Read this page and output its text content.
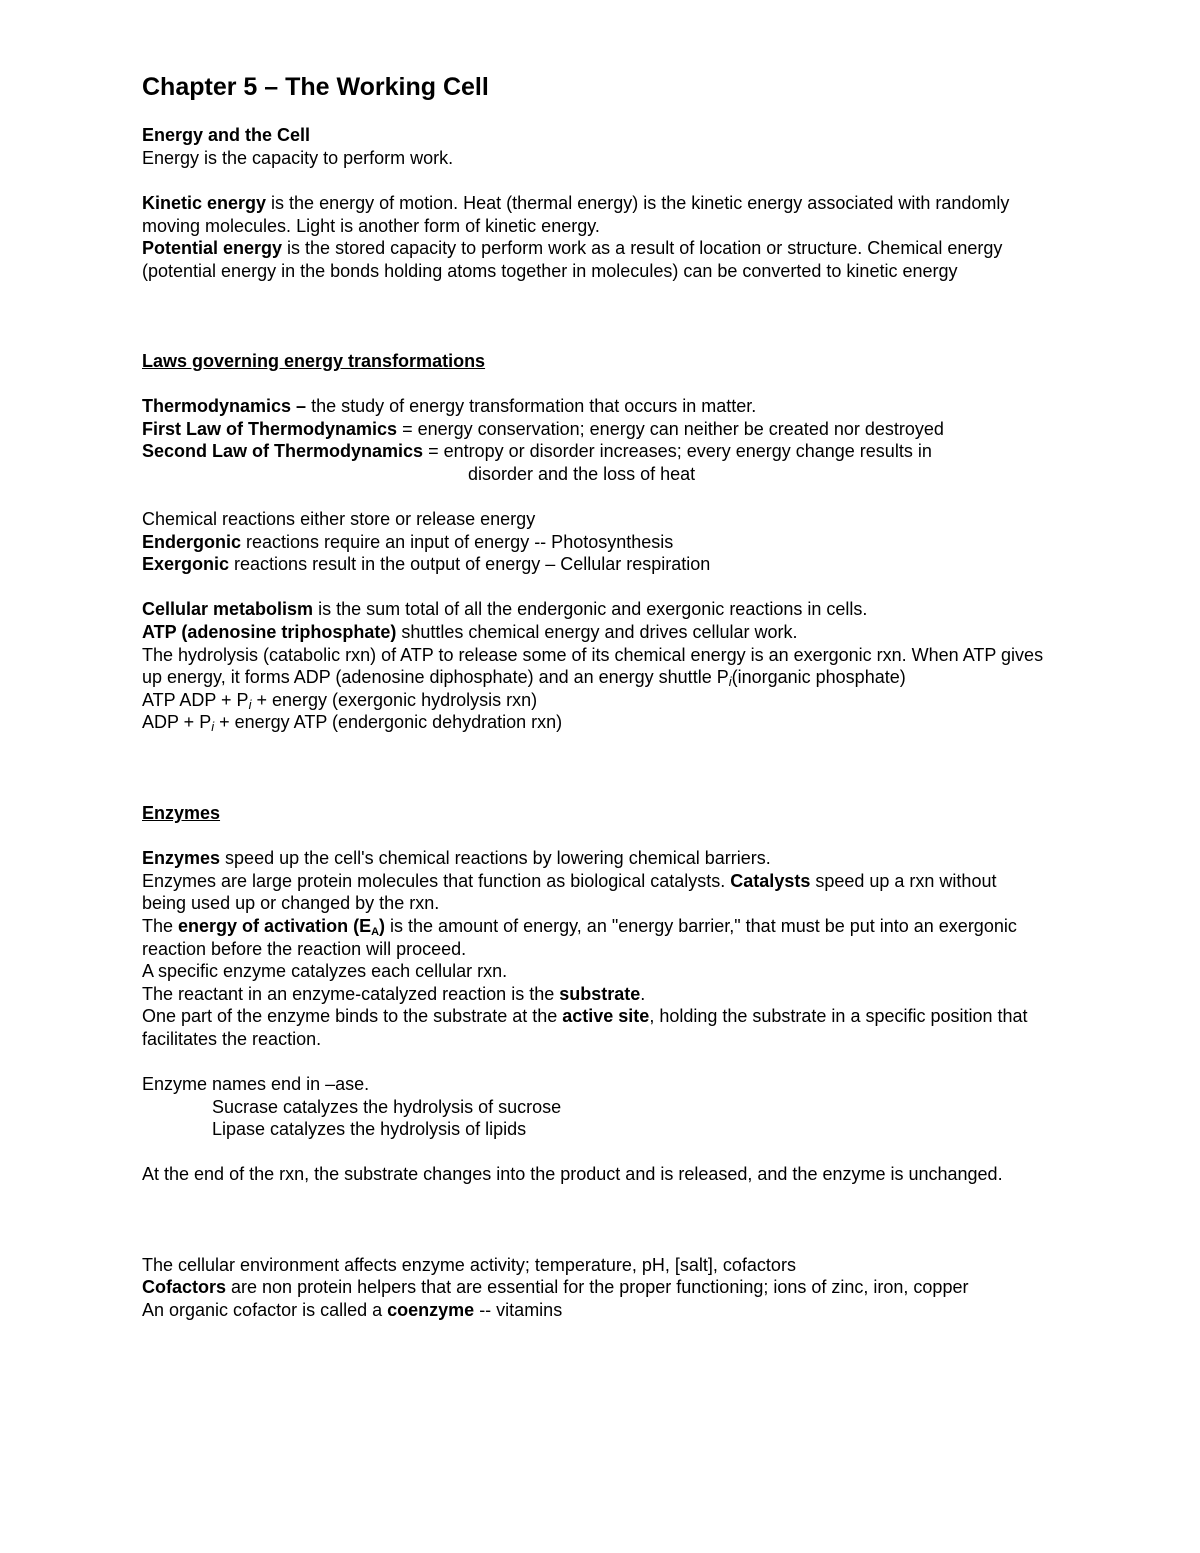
Chapter 5 – The Working Cell
Energy and the Cell
Energy is the capacity to perform work.
Kinetic energy is the energy of motion. Heat (thermal energy) is the kinetic energy associated with randomly
moving molecules. Light is another form of kinetic energy.
Potential energy is the stored capacity to perform work as a result of location or structure. Chemical energy
(potential energy in the bonds holding atoms together in molecules) can be converted to kinetic energy
Laws governing energy transformations
Thermodynamics – the study of energy transformation that occurs in matter.
First Law of Thermodynamics = energy conservation; energy can neither be created nor destroyed
Second Law of Thermodynamics = entropy or disorder increases; every energy change results in
disorder and the loss of heat
Chemical reactions either store or release energy
Endergonic reactions require an input of energy -- Photosynthesis
Exergonic reactions result in the output of energy – Cellular respiration
Cellular metabolism is the sum total of all the endergonic and exergonic reactions in cells.
ATP (adenosine triphosphate) shuttles chemical energy and drives cellular work.
The hydrolysis (catabolic rxn) of ATP to release some of its chemical energy is an exergonic rxn. When ATP gives
up energy, it forms ADP (adenosine diphosphate) and an energy shuttle $P_i(inorganic$ phosphate)
ATP ADP + $P_i$ + energy (exergonic hydrolysis rxn)
ADP + $P_i$ + energy ATP (endergonic dehydration rxn)
Enzymes
Enzymes speed up the cell's chemical reactions by lowering chemical barriers.
Enzymes are large protein molecules that function as biological catalysts. Catalysts speed up a rxn without
being used up or changed by the rxn.
The energy of activation $(E_A)$ is the amount of energy, an "energy barrier," that must be put into an exergonic
reaction before the reaction will proceed.
A specific enzyme catalyzes each cellular rxn.
The reactant in an enzyme-catalyzed reaction is the substrate.
One part of the enzyme binds to the substrate at the active site, holding the substrate in a specific position that
facilitates the reaction.
Enzyme names end in –ase.
Sucrase catalyzes the hydrolysis of sucrose
Lipase catalyzes the hydrolysis of lipids
At the end of the rxn, the substrate changes into the product and is released, and the enzyme is unchanged.
The cellular environment affects enzyme activity; temperature, pH, [salt], cofactors
Cofactors are non protein helpers that are essential for the proper functioning; ions of zinc, iron, copper
An organic cofactor is called a coenzyme -- vitamins
